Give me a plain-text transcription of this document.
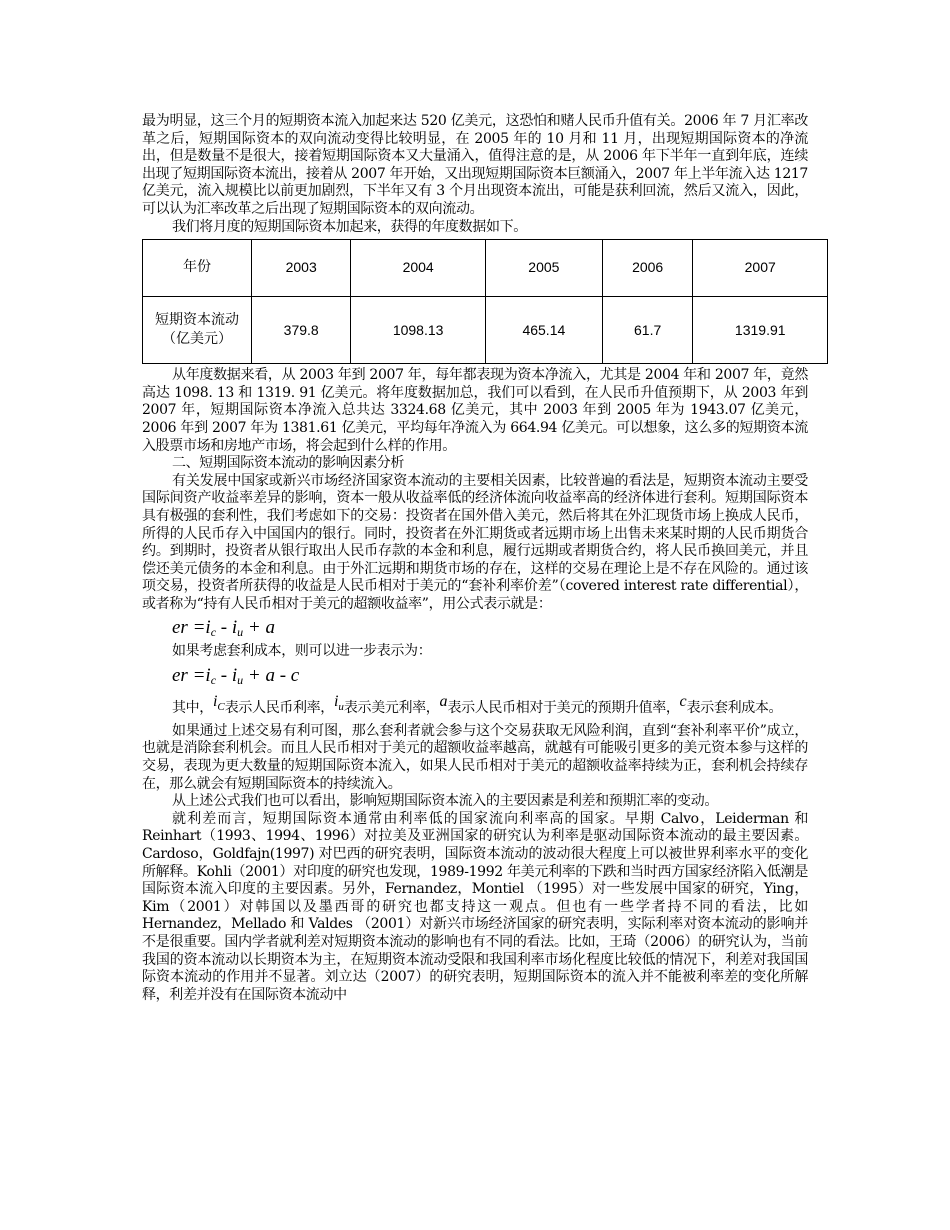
最为明显，这三个月的短期资本流入加起来达 520 亿美元，这恐怕和赌人民币升值有关。2006 年 7 月汇率改革之后，短期国际资本的双向流动变得比较明显，在 2005 年的 10 月和 11 月，出现短期国际资本的净流出，但是数量不是很大，接着短期国际资本又大量涌入，值得注意的是，从 2006 年下半年一直到年底，连续出现了短期国际资本流出，接着从 2007 年开始，又出现短期国际资本巨额涌入，2007 年上半年流入达 1217 亿美元，流入规模比以前更加剧烈，下半年又有 3 个月出现资本流出，可能是获利回流，然后又流入，因此，可以认为汇率改革之后出现了短期国际资本的双向流动。

我们将月度的短期国际资本加起来，获得的年度数据如下。

年份	2003	2004	2005	2006	2007

短期资本流动
（亿美元）	379.8	1098.13	465.14	61.7	1319.91

从年度数据来看，从 2003 年到 2007 年，每年都表现为资本净流入，尤其是 2004 年和 2007 年，竟然高达 1098. 13 和 1319. 91 亿美元。将年度数据加总，我们可以看到，在人民币升值预期下，从 2003 年到 2007 年，短期国际资本净流入总共达 3324.68 亿美元，其中 2003 年到 2005 年为 1943.07 亿美元，2006 年到 2007 年为 1381.61 亿美元，平均每年净流入为 664.94 亿美元。可以想象，这么多的短期资本流入股票市场和房地产市场，将会起到什么样的作用。

二、短期国际资本流动的影响因素分析

有关发展中国家或新兴市场经济国家资本流动的主要相关因素，比较普遍的看法是，短期资本流动主要受国际间资产收益率差异的影响，资本一般从收益率低的经济体流向收益率高的经济体进行套利。短期国际资本具有极强的套利性，我们考虑如下的交易：投资者在国外借入美元，然后将其在外汇现货市场上换成人民币，所得的人民币存入中国国内的银行。同时，投资者在外汇期货或者远期市场上出售未来某时期的人民币期货合约。到期时，投资者从银行取出人民币存款的本金和利息，履行远期或者期货合约，将人民币换回美元，并且偿还美元债务的本金和利息。由于外汇远期和期货市场的存在，这样的交易在理论上是不存在风险的。通过该项交易，投资者所获得的收益是人民币相对于美元的“套补利率价差”（covered interest rate differential），或者称为“持有人民币相对于美元的超额收益率”，用公式表示就是：

er $=i_c - i_u + a$

如果考虑套利成本，则可以进一步表示为：

er $=i_c - i_u + a - c$

其中，$i_C$表示人民币利率，$i_u$表示美元利率，a表示人民币相对于美元的预期升值率，c表示套利成本。

如果通过上述交易有利可图，那么套利者就会参与这个交易获取无风险利润，直到“套补利率平价”成立，也就是消除套利机会。而且人民币相对于美元的超额收益率越高，就越有可能吸引更多的美元资本参与这样的交易，表现为更大数量的短期国际资本流入，如果人民币相对于美元的超额收益率持续为正，套利机会持续存在，那么就会有短期国际资本的持续流入。

从上述公式我们也可以看出，影响短期国际资本流入的主要因素是利差和预期汇率的变动。

就利差而言，短期国际资本通常由利率低的国家流向利率高的国家。早期 Calvo，Leiderman 和 Reinhart（1993、1994、1996）对拉美及亚洲国家的研究认为利率是驱动国际资本流动的最主要因素。Cardoso，Goldfajn(1997) 对巴西的研究表明，国际资本流动的波动很大程度上可以被世界利率水平的变化所解释。Kohli（2001）对印度的研究也发现，1989-1992 年美元利率的下跌和当时西方国家经济陷入低潮是国际资本流入印度的主要因素。另外，Fernandez，Montiel （1995）对一些发展中国家的研究，Ying，Kim（2001）对韩国以及墨西哥的研究也都支持这一观点。但也有一些学者持不同的看法，比如 Hernandez，Mellado 和 Valdes （2001）对新兴市场经济国家的研究表明，实际利率对资本流动的影响并不是很重要。国内学者就利差对短期资本流动的影响也有不同的看法。比如，王琦（2006）的研究认为，当前我国的资本流动以长期资本为主，在短期资本流动受限和我国利率市场化程度比较低的情况下，利差对我国国际资本流动的作用并不显著。刘立达（2007）的研究表明，短期国际资本的流入并不能被利率差的变化所解释，利差并没有在国际资本流动中
